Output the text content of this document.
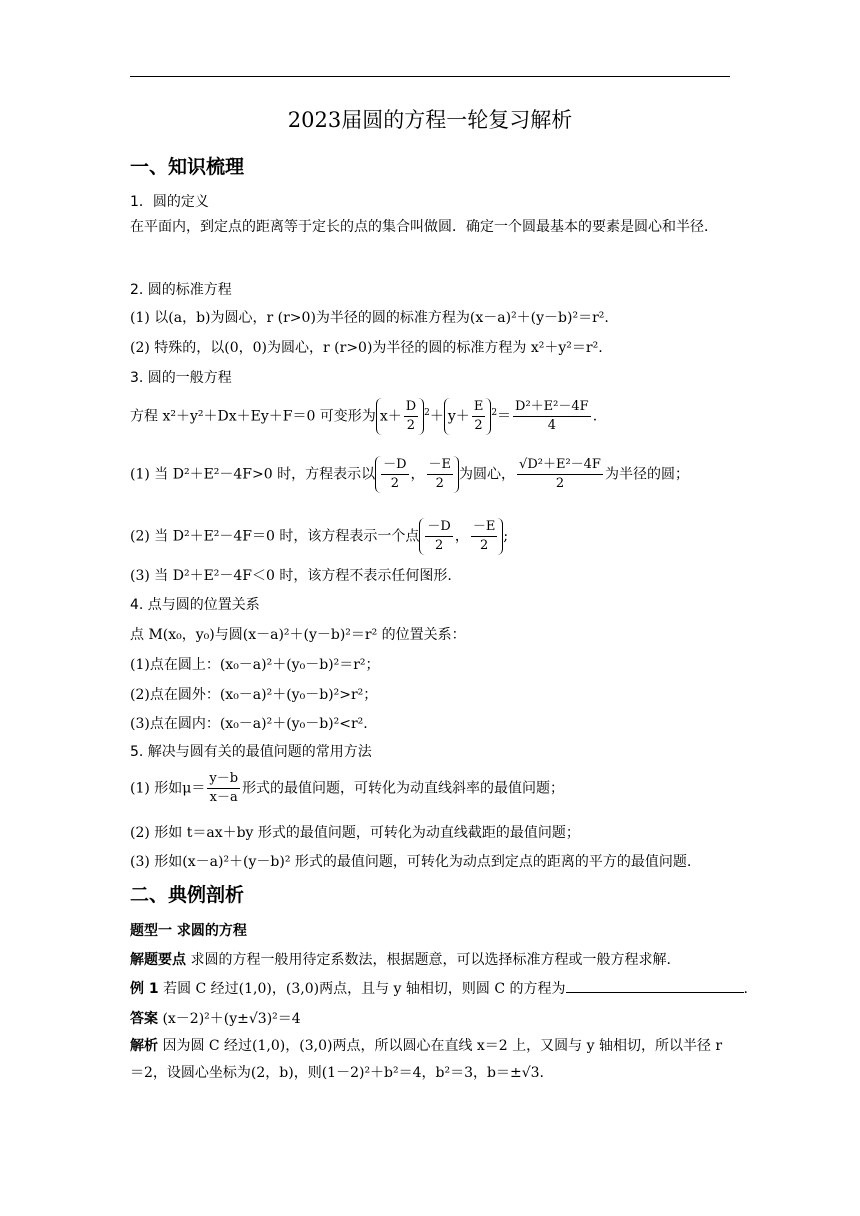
2023届圆的方程一轮复习解析
一、知识梳理
1．圆的定义
在平面内，到定点的距离等于定长的点的集合叫做圆．确定一个圆最基本的要素是圆心和半径．
2. 圆的标准方程
(1) 以(a，b)为圆心，r (r>0)为半径的圆的标准方程为(x－a)²＋(y－b)²＝r².
(2) 特殊的，以(0，0)为圆心，r (r>0)为半径的圆的标准方程为 x²＋y²＝r².
3. 圆的一般方程
方程 x²＋y²＋Dx＋Ey＋F＝0 可变形为 $x+ \frac{D}{2} ^2+ y+ \frac{E}{2} ^2= \frac{\text{D²＋E²－4F}}{4}$ .
(1) 当 D²＋E²－4F>0 时，方程表示以 $\frac{-D}{2}$ ， $\frac{-E}{2}$ 为圆心， $\frac{\text{√D²＋E²－4F}}{2}$ 为半径的圆；
(2) 当 D²＋E²－4F＝0 时，该方程表示一个点 $\frac{-D}{2}$ ， $\frac{-E}{2}$ ;
(3) 当 D²＋E²－4F＜0 时，该方程不表示任何图形.
4. 点与圆的位置关系
点 M(x₀，y₀)与圆(x－a)²＋(y－b)²＝r² 的位置关系：
(1)点在圆上：(x₀－a)²＋(y₀－b)²＝r²；
(2)点在圆外：(x₀－a)²＋(y₀－b)²>r²；
(3)点在圆内：(x₀－a)²＋(y₀－b)²<r².
5. 解决与圆有关的最值问题的常用方法
(1) 形如$\mu= \frac{y-b}{x-a}$ 形式的最值问题，可转化为动直线斜率的最值问题；
(2) 形如 t＝ax＋by 形式的最值问题，可转化为动直线截距的最值问题；
(3) 形如(x－a)²＋(y－b)² 形式的最值问题，可转化为动点到定点的距离的平方的最值问题.
二、典例剖析
题型一 求圆的方程
解题要点 求圆的方程一般用待定系数法，根据题意，可以选择标准方程或一般方程求解.
例 1 若圆 C 经过(1,0)，(3,0)两点，且与 y 轴相切，则圆 C 的方程为	.
答案 (x－2)²＋(y±√3)²＝4
解析 因为圆 C 经过(1,0)，(3,0)两点，所以圆心在直线 x＝2 上，又圆与 y 轴相切，所以半径 r＝2，设圆心坐标为(2，b)，则(1－2)²＋b²＝4，b²＝3，b＝±√3.
